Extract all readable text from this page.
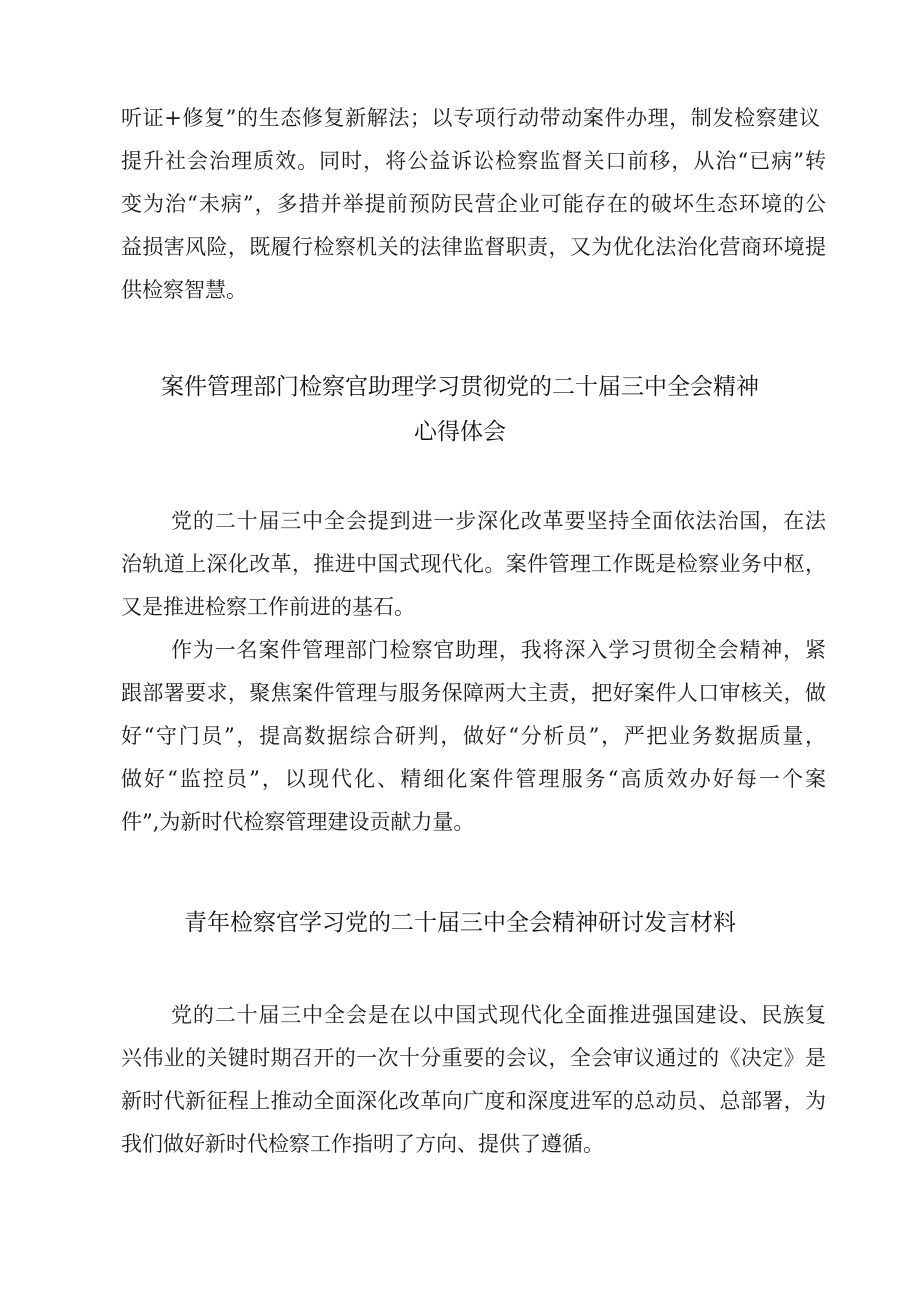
听证+修复”的生态修复新解法；以专项行动带动案件办理，制发检察建议
提升社会治理质效。同时，将公益诉讼检察监督关口前移，从治“已病”转
变为治“未病”，多措并举提前预防民营企业可能存在的破坏生态环境的公
益损害风险，既履行检察机关的法律监督职责，又为优化法治化营商环境提
供检察智慧。
案件管理部门检察官助理学习贯彻党的二十届三中全会精神
心得体会
党的二十届三中全会提到进一步深化改革要坚持全面依法治国，在法
治轨道上深化改革，推进中国式现代化。案件管理工作既是检察业务中枢，
又是推进检察工作前进的基石。
作为一名案件管理部门检察官助理，我将深入学习贯彻全会精神，紧
跟部署要求，聚焦案件管理与服务保障两大主责，把好案件人口审核关，做
好“守门员”，提高数据综合研判，做好“分析员”，严把业务数据质量，
做好“监控员”，以现代化、精细化案件管理服务“高质效办好每一个案
件”,为新时代检察管理建设贡献力量。
青年检察官学习党的二十届三中全会精神研讨发言材料
党的二十届三中全会是在以中国式现代化全面推进强国建设、民族复
兴伟业的关键时期召开的一次十分重要的会议，全会审议通过的《决定》是
新时代新征程上推动全面深化改革向广度和深度进军的总动员、总部署，为
我们做好新时代检察工作指明了方向、提供了遵循。
